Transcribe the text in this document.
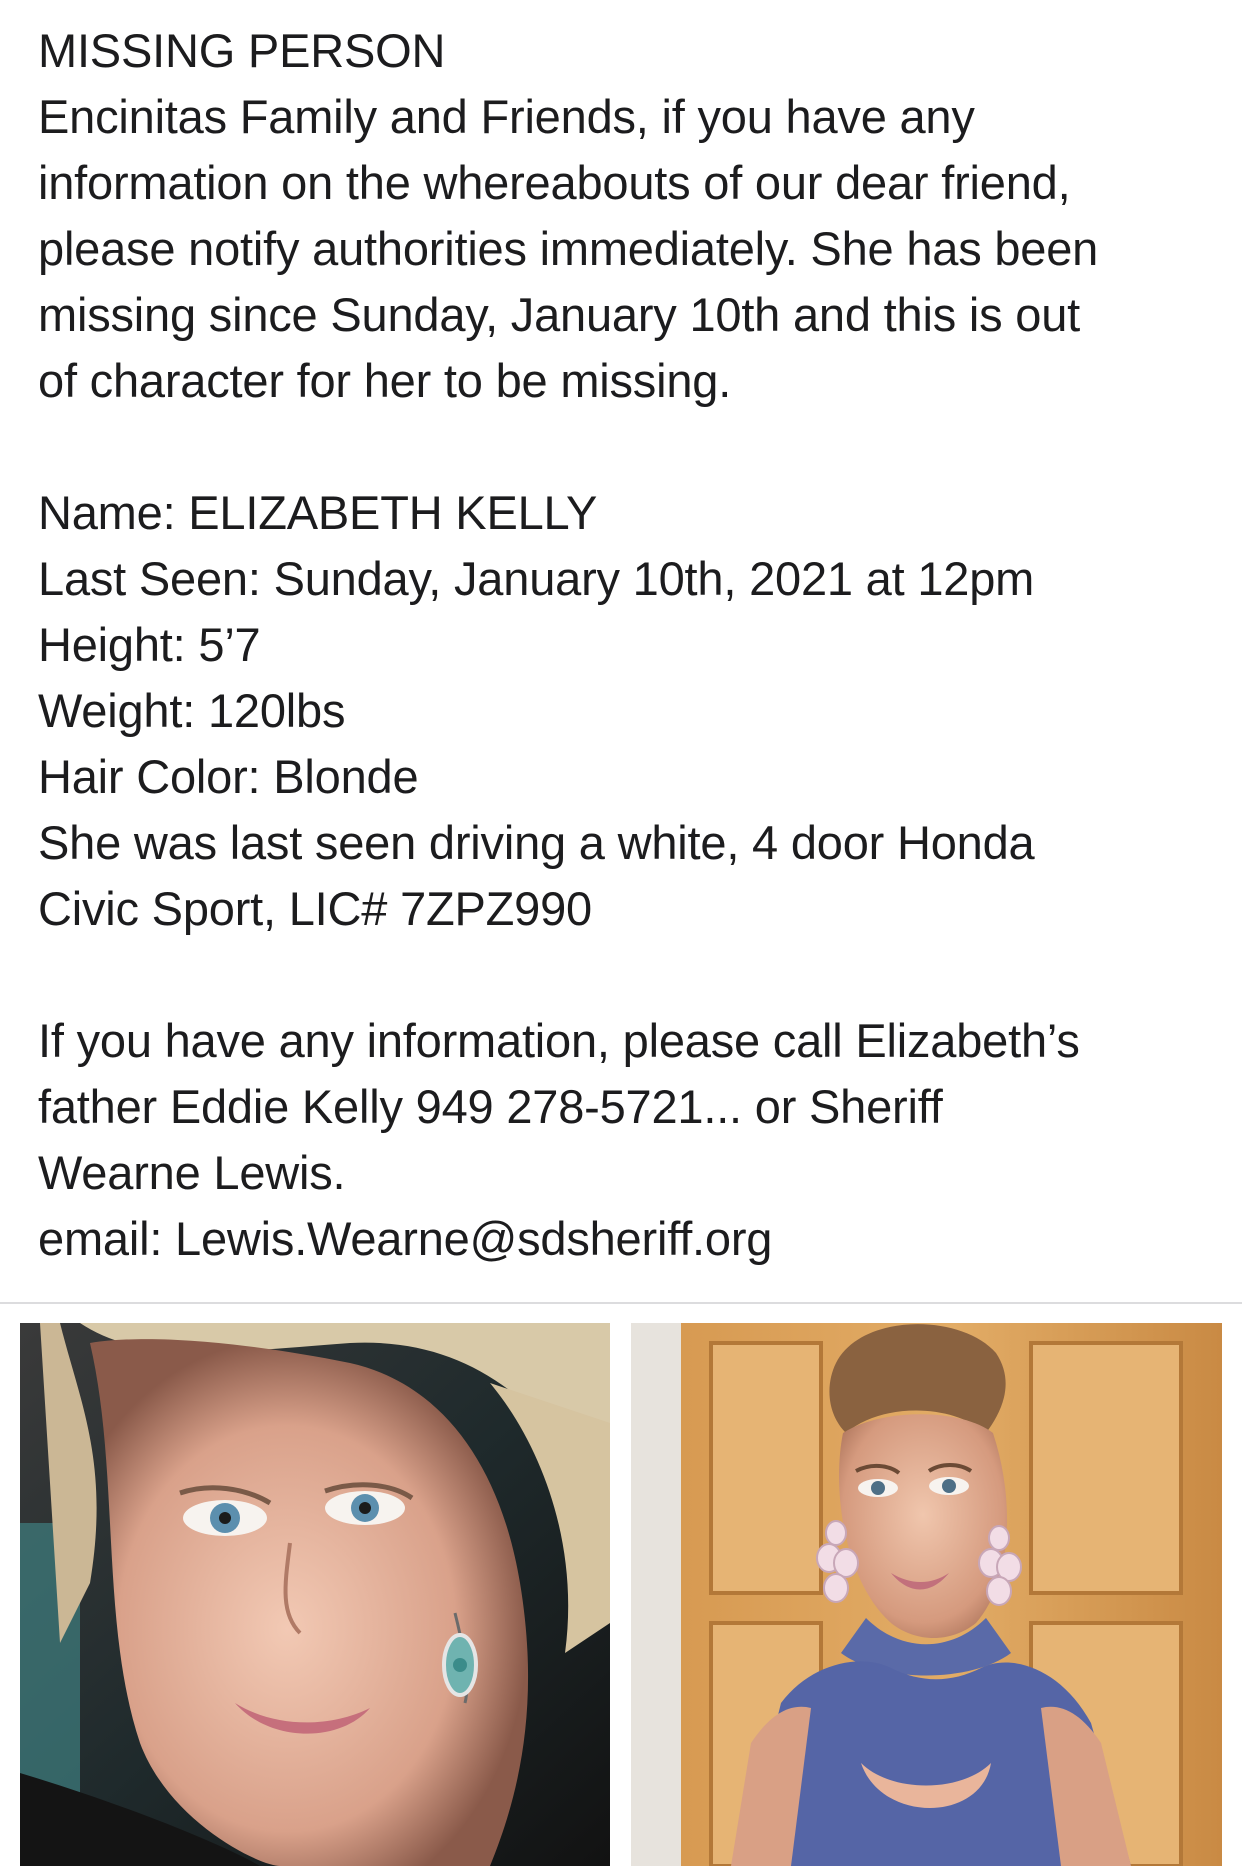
MISSING PERSON
Encinitas Family and Friends, if you have any
information on the whereabouts of our dear friend,
please notify authorities immediately. She has been
missing since Sunday, January 10th and this is out
of character for her to be missing.
Name: ELIZABETH KELLY
Last Seen: Sunday, January 10th, 2021 at 12pm
Height: 5’7
Weight: 120lbs
Hair Color: Blonde
She was last seen driving a white, 4 door Honda
Civic Sport, LIC# 7ZPZ990
If you have any information, please call Elizabeth’s
father Eddie Kelly 949 278-5721... or Sheriff
Wearne Lewis.
email: Lewis.Wearne@sdsheriff.org
